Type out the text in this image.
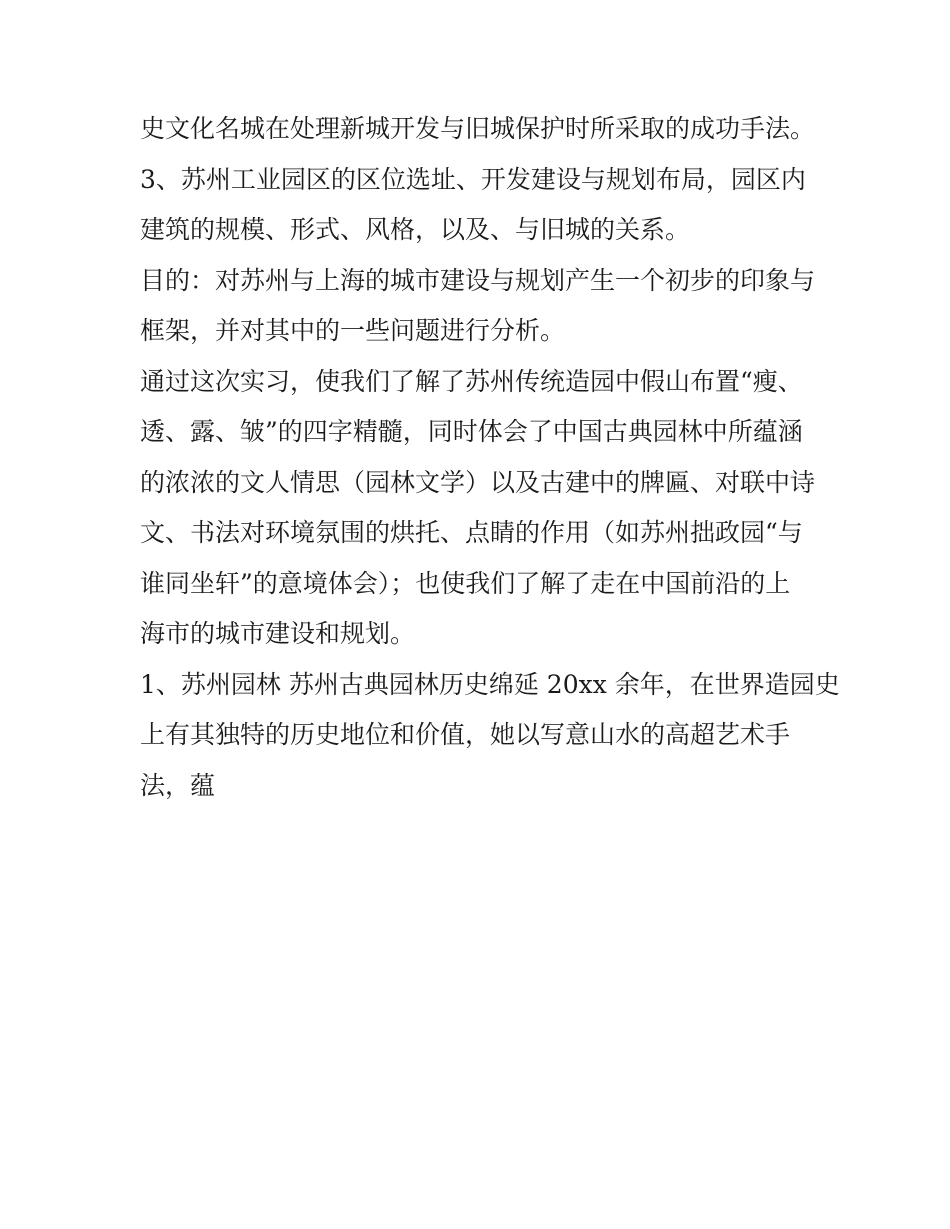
史文化名城在处理新城开发与旧城保护时所采取的成功手法。
3、苏州工业园区的区位选址、开发建设与规划布局，园区内
建筑的规模、形式、风格，以及、与旧城的关系。
目的：对苏州与上海的城市建设与规划产生一个初步的印象与
框架，并对其中的一些问题进行分析。
通过这次实习，使我们了解了苏州传统造园中假山布置“瘦、
透、露、皱”的四字精髓，同时体会了中国古典园林中所蕴涵
的浓浓的文人情思（园林文学）以及古建中的牌匾、对联中诗
文、书法对环境氛围的烘托、点睛的作用（如苏州拙政园“与
谁同坐轩”的意境体会）；也使我们了解了走在中国前沿的上
海市的城市建设和规划。
1、苏州园林 苏州古典园林历史绵延 20xx 余年，在世界造园史
上有其独特的历史地位和价值，她以写意山水的高超艺术手
法，蕴
